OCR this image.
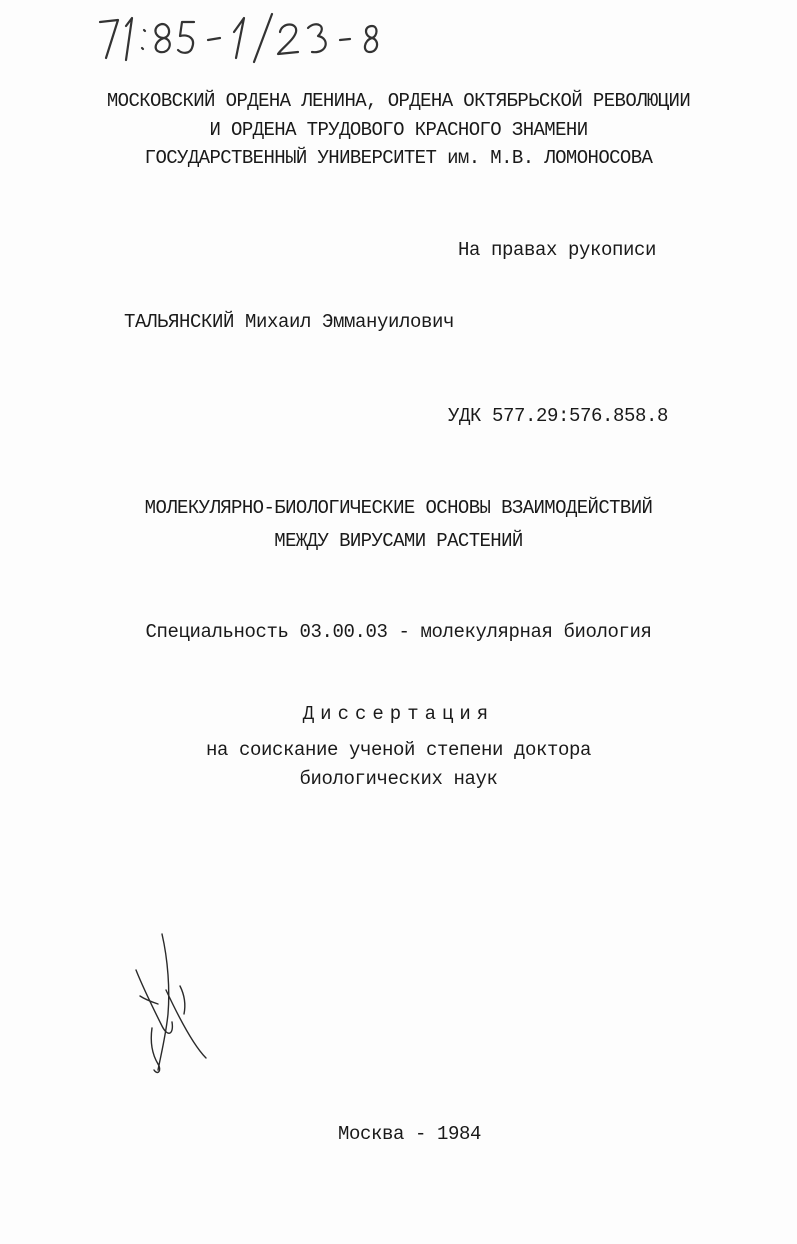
МОСКОВСКИЙ ОРДЕНА ЛЕНИНА, ОРДЕНА ОКТЯБРЬСКОЙ РЕВОЛЮЦИИ
И ОРДЕНА ТРУДОВОГО КРАСНОГО ЗНАМЕНИ
ГОСУДАРСТВЕННЫЙ УНИВЕРСИТЕТ им. М.В. ЛОМОНОСОВА
На правах рукописи
ТАЛЬЯНСКИЙ Михаил Эммануилович
УДК 577.29:576.858.8
МОЛЕКУЛЯРНО-БИОЛОГИЧЕСКИЕ ОСНОВЫ ВЗАИМОДЕЙСТВИЙ
МЕЖДУ ВИРУСАМИ РАСТЕНИЙ
Специальность 03.00.03 - молекулярная биология
Диссертация
на соискание ученой степени доктора
биологических наук
Москва - 1984
